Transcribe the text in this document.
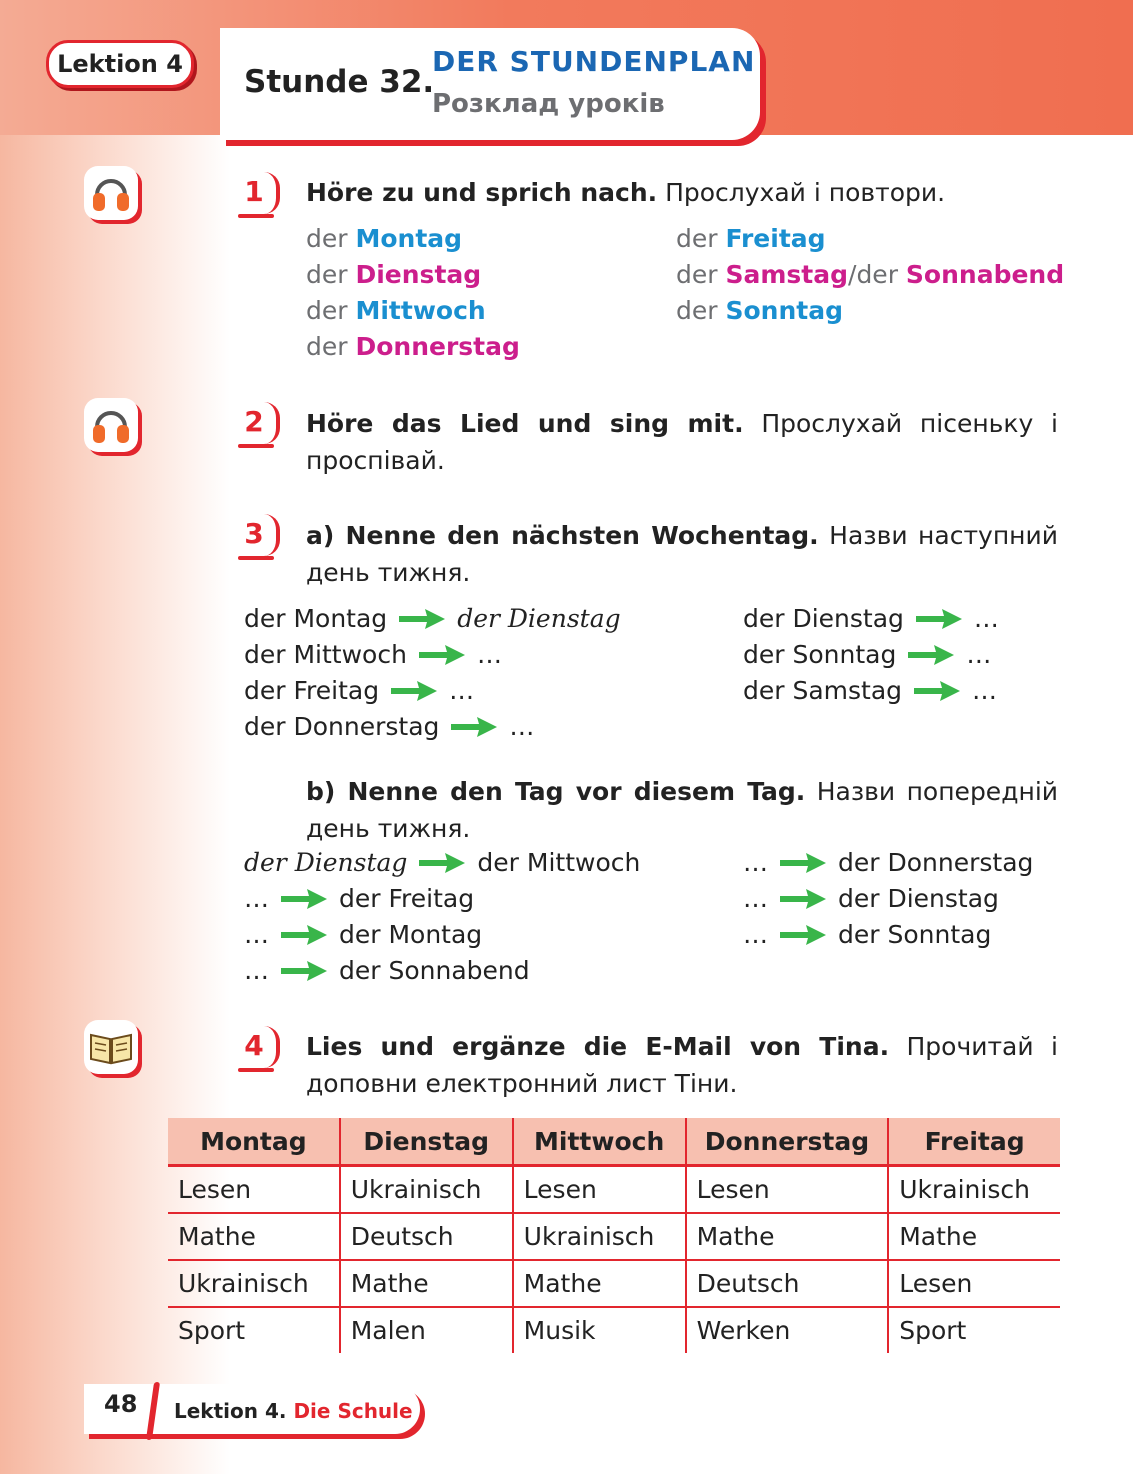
Lektion 4	Stunde 32.
DER STUNDENPLAN
Розклад уроків
1	Höre zu und sprich nach. Прослухай і повтори.
der Montag
der Dienstag
der Mittwoch
der Donnerstag
der Freitag
der Samstag/der Sonnabend
der Sonntag
2	Höre das Lied und sing mit. Прослухай пісеньку і проспівай.
3	a) Nenne den nächsten Wochentag. Назви наступний день тижня.
der Montag	der Dienstag
der Mittwoch	…
der Freitag	…
der Donnerstag	…
der Dienstag	…
der Sonntag	…
der Samstag	…
b) Nenne den Tag vor diesem Tag. Назви попередній день тижня.
der Dienstag	der Mittwoch
…	der Freitag
…	der Montag
…	der Sonnabend
…	der Donnerstag
…	der Dienstag
…	der Sonntag
4	Lies und ergänze die E-Mail von Tina. Прочитай і доповни електронний лист Тіни.
Montag	Dienstag	Mittwoch	Donnerstag	Freitag
Lesen	Ukrainisch	Lesen	Lesen	Ukrainisch
Mathe	Deutsch	Ukrainisch	Mathe	Mathe
Ukrainisch	Mathe	Mathe	Deutsch	Lesen
Sport	Malen	Musik	Werken	Sport
48 Lektion 4. Die Schule
